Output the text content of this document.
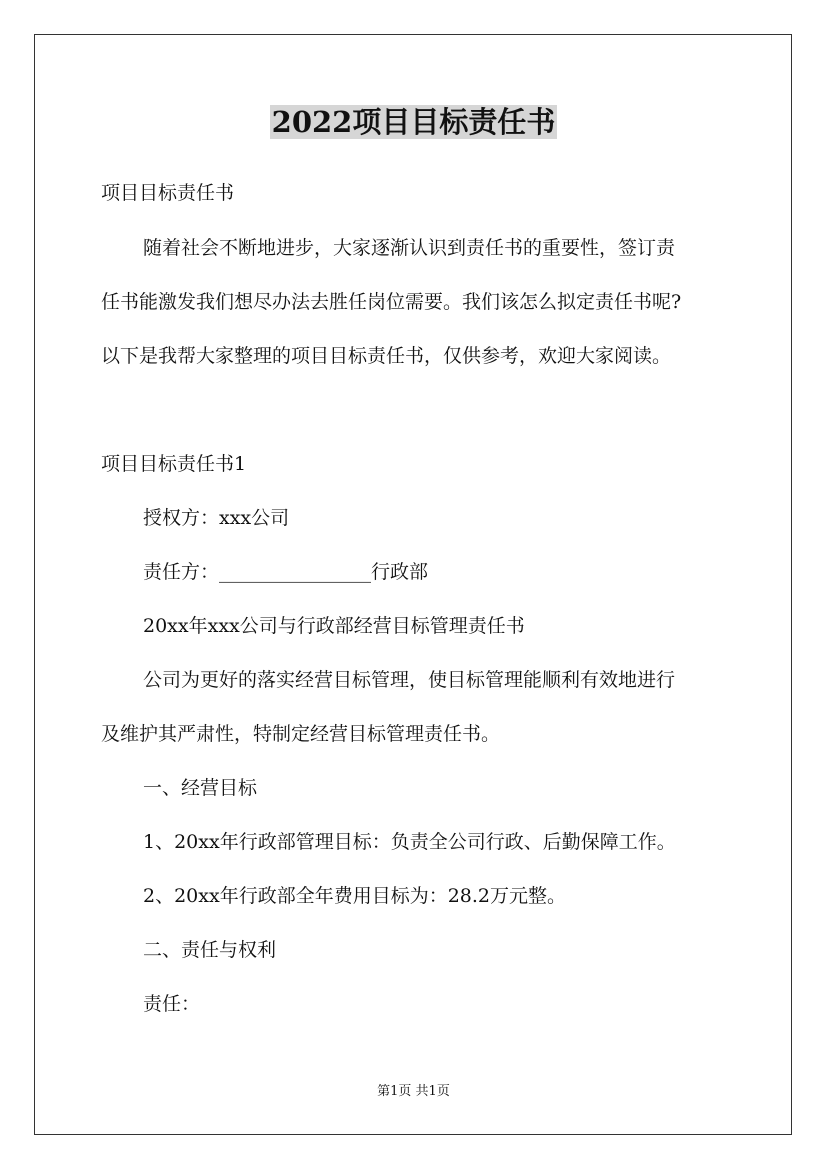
2022项目目标责任书
项目目标责任书
随着社会不断地进步，大家逐渐认识到责任书的重要性，签订责
任书能激发我们想尽办法去胜任岗位需要。我们该怎么拟定责任书呢?
以下是我帮大家整理的项目目标责任书，仅供参考，欢迎大家阅读。
项目目标责任书1
授权方：xxx公司
责任方：________________行政部
20xx年xxx公司与行政部经营目标管理责任书
公司为更好的落实经营目标管理，使目标管理能顺利有效地进行
及维护其严肃性，特制定经营目标管理责任书。
一、经营目标
1、20xx年行政部管理目标：负责全公司行政、后勤保障工作。
2、20xx年行政部全年费用目标为：28.2万元整。
二、责任与权利
责任：
第1页 共1页
